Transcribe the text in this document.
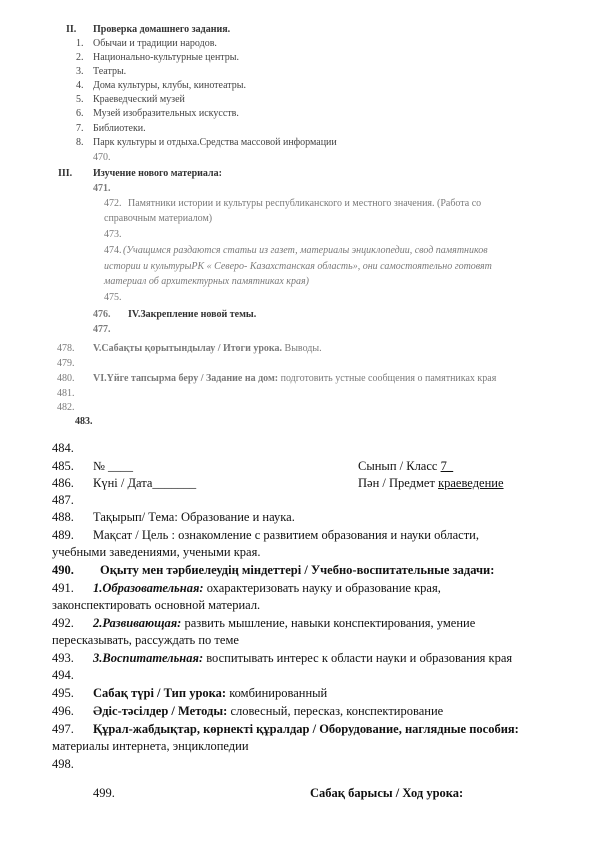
II. Проверка домашнего задания.
1. Обычаи и традиции народов.
2. Национально-культурные центры.
3. Театры.
4. Дома культуры, клубы, кинотеатры.
5. Краеведческий музей
6. Музей изобразительных искусств.
7. Библиотеки.
8. Парк культуры и отдыха.Средства массовой информации
470.
III. Изучение нового материала:
471.
472. Памятники истории и культуры республиканского и местного значения. (Работа со
справочным материалом)
473.
474. (Учащимся раздаются статьи из газет, материалы энциклопедии, свод памятников
истории и культурыРК « Северо- Казахстанская область», они самостоятельно готовят
материал об архитектурных памятниках края)
475.
476. IV.Закрепление новой темы.
477.
478. V.Сабақты қорытындылау / Итоги урока. Выводы.
479.
480. VI.Үйге тапсырма беру / Задание на дом: подготовить устные сообщения о памятниках края
481.
482.
483.
484.
485. № ____	Сынып / Класс 7_
486. Күні / Дата_______	Пән / Предмет краеведение
487.
488. Тақырып/ Тема: Образование и наука.
489. Мақсат / Цель : ознакомление с развитием образования и науки области,
учебными заведениями, учеными края.
490. Оқыту мен тәрбиелеудің міндеттері / Учебно-воспитательные задачи:
491. 1.Образовательная: охарактеризовать науку и образование края,
законспектировать основной материал.
492. 2.Развивающая: развить мышление, навыки конспектирования, умение
пересказывать, рассуждать по теме
493. 3.Воспитательная: воспитывать интерес к области науки и образования края
494.
495. Сабақ түрі / Тип урока: комбинированный
496. Әдіс-тәсілдер / Методы: словесный, пересказ, конспектирование
497. Құрал-жабдықтар, көрнекті құралдар / Оборудование, наглядные пособия:
материалы интернета, энциклопедии
498.
499.	Сабақ барысы / Ход урока:
